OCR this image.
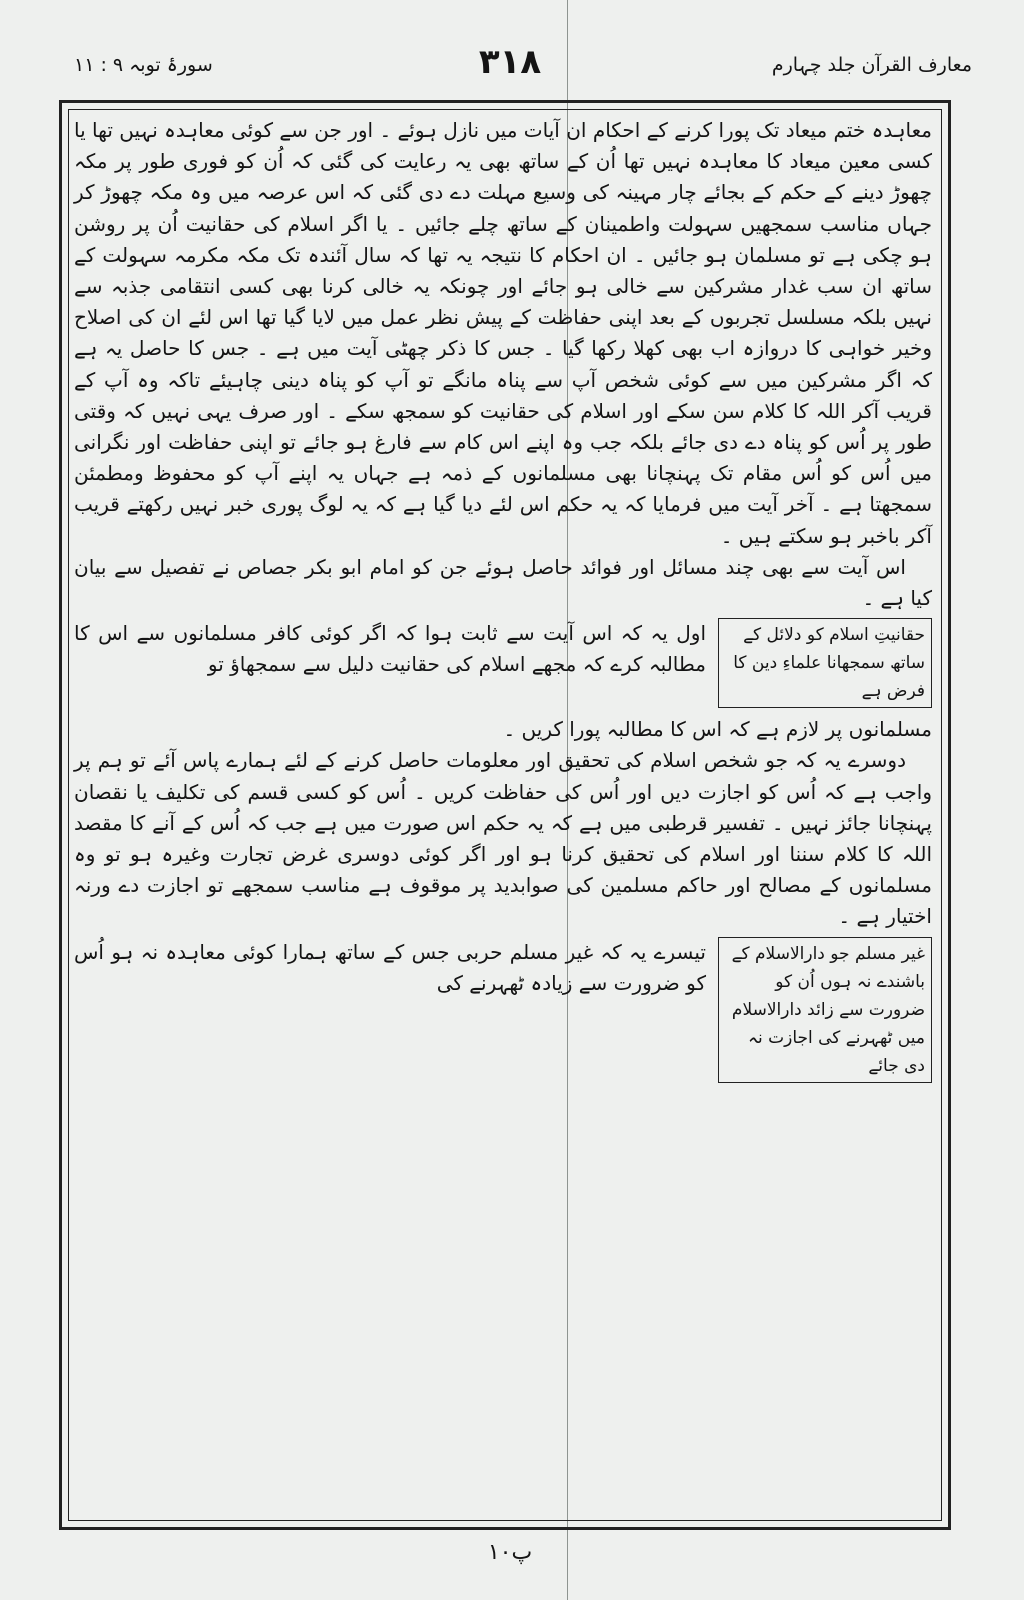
معارف القرآن جلد چہارم
۳۱۸
سورۂ توبہ ۹ : ۱۱

معاہدہ ختم میعاد تک پورا کرنے کے احکام ان آیات میں نازل ہوئے ۔ اور جن سے کوئی معاہدہ نہیں تھا یا کسی معین میعاد کا معاہدہ نہیں تھا اُن کے ساتھ بھی یہ رعایت کی گئی کہ اُن کو فوری طور پر مکہ چھوڑ دینے کے حکم کے بجائے چار مہینہ کی وسیع مہلت دے دی گئی کہ اس عرصہ میں وہ مکہ چھوڑ کر جہاں مناسب سمجھیں سہولت واطمینان کے ساتھ چلے جائیں ۔ یا اگر اسلام کی حقانیت اُن پر روشن ہو چکی ہے تو مسلمان ہو جائیں ۔ ان احکام کا نتیجہ یہ تھا کہ سال آئندہ تک مکہ مکرمہ سہولت کے ساتھ ان سب غدار مشرکین سے خالی ہو جائے اور چونکہ یہ خالی کرنا بھی کسی انتقامی جذبہ سے نہیں بلکہ مسلسل تجربوں کے بعد اپنی حفاظت کے پیش نظر عمل میں لایا گیا تھا اس لئے ان کی اصلاح وخیر خواہی کا دروازہ اب بھی کھلا رکھا گیا ۔ جس کا ذکر چھٹی آیت میں ہے ۔ جس کا حاصل یہ ہے کہ اگر مشرکین میں سے کوئی شخص آپ سے پناہ مانگے تو آپ کو پناہ دینی چاہیئے تاکہ وہ آپ کے قریب آکر اللہ کا کلام سن سکے اور اسلام کی حقانیت کو سمجھ سکے ۔ اور صرف یہی نہیں کہ وقتی طور پر اُس کو پناہ دے دی جائے بلکہ جب وہ اپنے اس کام سے فارغ ہو جائے تو اپنی حفاظت اور نگرانی میں اُس کو اُس مقام تک پہنچانا بھی مسلمانوں کے ذمہ ہے جہاں یہ اپنے آپ کو محفوظ ومطمئن سمجھتا ہے ۔ آخر آیت میں فرمایا کہ یہ حکم اس لئے دیا گیا ہے کہ یہ لوگ پوری خبر نہیں رکھتے قریب آکر باخبر ہو سکتے ہیں ۔

اس آیت سے بھی چند مسائل اور فوائد حاصل ہوئے جن کو امام ابو بکر جصاص نے تفصیل سے بیان کیا ہے ۔

حقانیتِ اسلام کو دلائل کے ساتھ سمجھانا علماءِ دین کا فرض ہے
اول یہ کہ اس آیت سے ثابت ہوا کہ اگر کوئی کافر مسلمانوں سے اس کا مطالبہ کرے کہ مجھے اسلام کی حقانیت دلیل سے سمجھاؤ تو

مسلمانوں پر لازم ہے کہ اس کا مطالبہ پورا کریں ۔

دوسرے یہ کہ جو شخص اسلام کی تحقیق اور معلومات حاصل کرنے کے لئے ہمارے پاس آئے تو ہم پر واجب ہے کہ اُس کو اجازت دیں اور اُس کی حفاظت کریں ۔ اُس کو کسی قسم کی تکلیف یا نقصان پہنچانا جائز نہیں ۔ تفسیر قرطبی میں ہے کہ یہ حکم اس صورت میں ہے جب کہ اُس کے آنے کا مقصد اللہ کا کلام سننا اور اسلام کی تحقیق کرنا ہو اور اگر کوئی دوسری غرض تجارت وغیرہ ہو تو وہ مسلمانوں کے مصالح اور حاکم مسلمین کی صوابدید پر موقوف ہے مناسب سمجھے تو اجازت دے ورنہ اختیار ہے ۔

غیر مسلم جو دارالاسلام کے باشندے نہ ہوں اُن کو ضرورت سے زائد دارالاسلام میں ٹھہرنے کی اجازت نہ دی جائے
تیسرے یہ کہ غیر مسلم حربی جس کے ساتھ ہمارا کوئی معاہدہ نہ ہو اُس کو ضرورت سے زیادہ ٹھہرنے کی
پ۱۰
